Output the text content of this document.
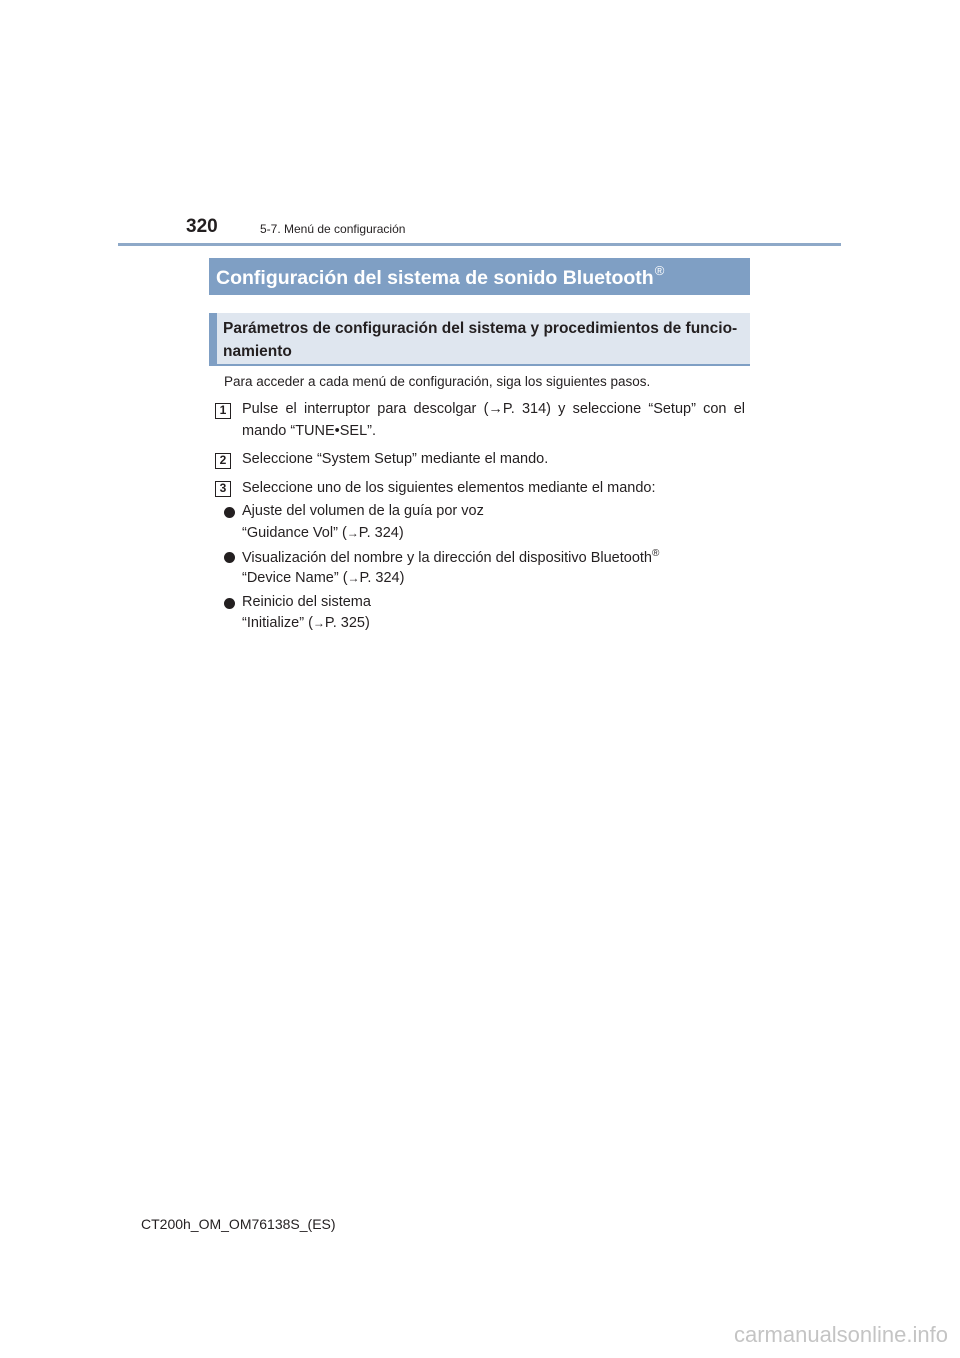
320	5-7. Menú de configuración
Configuración del sistema de sonido Bluetooth®
Parámetros de configuración del sistema y procedimientos de funcio-
namiento
Para acceder a cada menú de configuración, siga los siguientes pasos.
1	Pulse el interruptor para descolgar (→P. 314) y seleccione “Setup” con el
mando “TUNE•SEL”.
2	Seleccione “System Setup” mediante el mando.
3	Seleccione uno de los siguientes elementos mediante el mando:
Ajuste del volumen de la guía por voz
“Guidance Vol” (→P. 324)
Visualización del nombre y la dirección del dispositivo Bluetooth®
“Device Name” (→P. 324)
Reinicio del sistema
“Initialize” (→P. 325)
CT200h_OM_OM76138S_(ES)
carmanualsonline.info
